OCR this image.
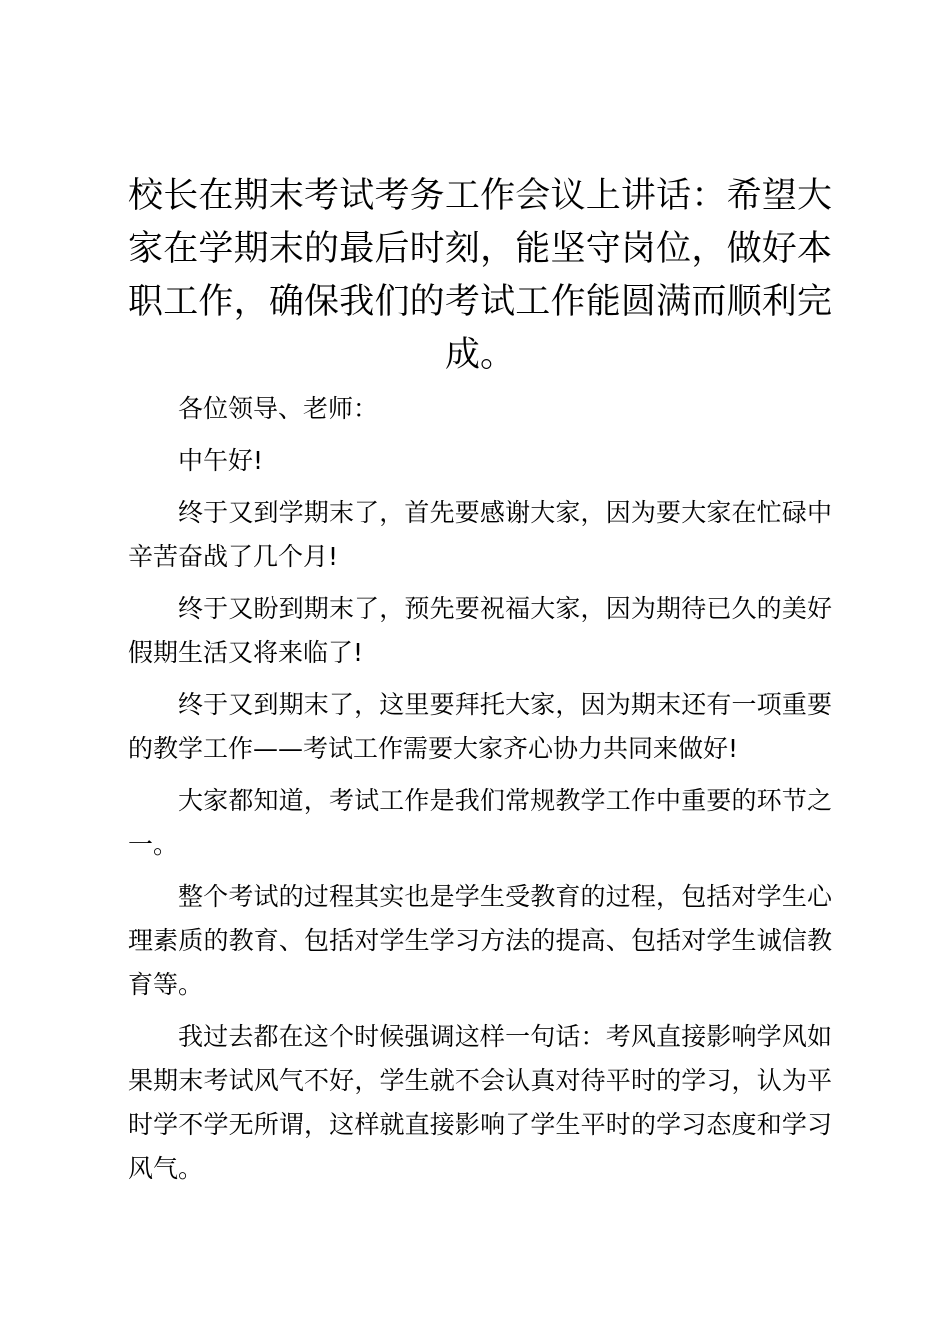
校长在期末考试考务工作会议上讲话：希望大家在学期末的最后时刻，能坚守岗位，做好本职工作，确保我们的考试工作能圆满而顺利完成。

各位领导、老师：

中午好!

终于又到学期末了，首先要感谢大家，因为要大家在忙碌中辛苦奋战了几个月!

终于又盼到期末了，预先要祝福大家，因为期待已久的美好假期生活又将来临了!

终于又到期末了，这里要拜托大家，因为期末还有一项重要的教学工作——考试工作需要大家齐心协力共同来做好!

大家都知道，考试工作是我们常规教学工作中重要的环节之一。

整个考试的过程其实也是学生受教育的过程，包括对学生心理素质的教育、包括对学生学习方法的提高、包括对学生诚信教育等。

我过去都在这个时候强调这样一句话：考风直接影响学风如果期末考试风气不好，学生就不会认真对待平时的学习，认为平时学不学无所谓，这样就直接影响了学生平时的学习态度和学习风气。
